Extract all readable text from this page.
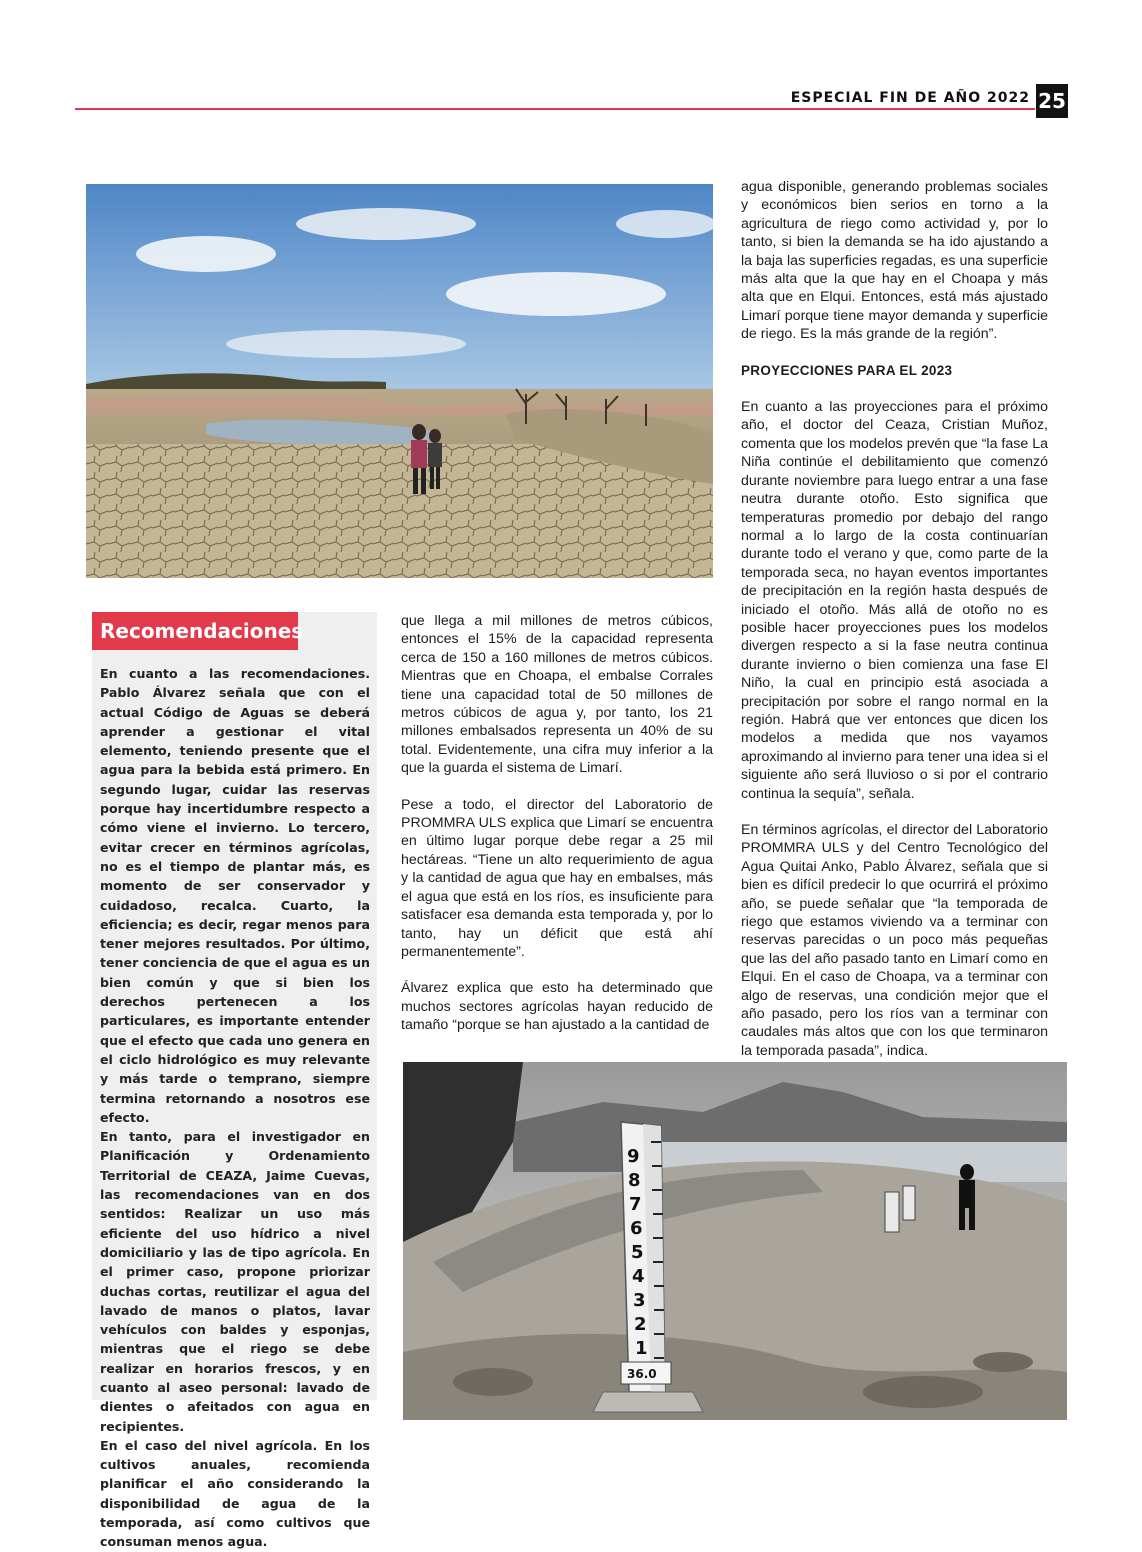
ESPECIAL FIN DE AÑO 2022 25
Recomendaciones

En cuanto a las recomendaciones. Pablo Álvarez señala que con el actual Código de Aguas se deberá aprender a gestionar el vital elemento, teniendo presente que el agua para la bebida está primero. En segundo lugar, cuidar las reservas porque hay incertidumbre respecto a cómo viene el invierno. Lo tercero, evitar crecer en términos agrícolas, no es el tiempo de plantar más, es momento de ser conservador y cuidadoso, recalca. Cuarto, la eficiencia; es decir, regar menos para tener mejores resultados. Por último, tener conciencia de que el agua es un bien común y que si bien los derechos pertenecen a los particulares, es importante entender que el efecto que cada uno genera en el ciclo hidrológico es muy relevante y más tarde o temprano, siempre termina retornando a nosotros ese efecto.

En tanto, para el investigador en Planificación y Ordenamiento Territorial de CEAZA, Jaime Cuevas, las recomendaciones van en dos sentidos: Realizar un uso más eficiente del uso hídrico a nivel domiciliario y las de tipo agrícola. En el primer caso, propone priorizar duchas cortas, reutilizar el agua del lavado de manos o platos, lavar vehículos con baldes y esponjas, mientras que el riego se debe realizar en horarios frescos, y en cuanto al aseo personal: lavado de dientes o afeitados con agua en recipientes.

En el caso del nivel agrícola. En los cultivos anuales, recomienda planificar el año considerando la disponibilidad de agua de la temporada, así como cultivos que consuman menos agua.

que llega a mil millones de metros cúbicos, entonces el 15% de la capacidad representa cerca de 150 a 160 millones de metros cúbicos. Mientras que en Choapa, el embalse Corrales tiene una capacidad total de 50 millones de metros cúbicos de agua y, por tanto, los 21 millones embalsados representa un 40% de su total. Evidentemente, una cifra muy inferior a la que la guarda el sistema de Limarí.

Pese a todo, el director del Laboratorio de PROMMRA ULS explica que Limarí se encuentra en último lugar porque debe regar a 25 mil hectáreas. “Tiene un alto requerimiento de agua y la cantidad de agua que hay en embalses, más el agua que está en los ríos, es insuficiente para satisfacer esa demanda esta temporada y, por lo tanto, hay un déficit que está ahí permanentemente”.

Álvarez explica que esto ha determinado que muchos sectores agrícolas hayan reducido de tamaño “porque se han ajustado a la cantidad de

agua disponible, generando problemas sociales y económicos bien serios en torno a la agricultura de riego como actividad y, por lo tanto, si bien la demanda se ha ido ajustando a la baja las superficies regadas, es una superficie más alta que la que hay en el Choapa y más alta que en Elqui. Entonces, está más ajustado Limarí porque tiene mayor demanda y superficie de riego. Es la más grande de la región”.

PROYECCIONES PARA EL 2023

En cuanto a las proyecciones para el próximo año, el doctor del Ceaza, Cristian Muñoz, comenta que los modelos prevén que “la fase La Niña continúe el debilitamiento que comenzó durante noviembre para luego entrar a una fase neutra durante otoño. Esto significa que temperaturas promedio por debajo del rango normal a lo largo de la costa continuarían durante todo el verano y que, como parte de la temporada seca, no hayan eventos importantes de precipitación en la región hasta después de iniciado el otoño. Más allá de otoño no es posible hacer proyecciones pues los modelos divergen respecto a si la fase neutra continua durante invierno o bien comienza una fase El Niño, la cual en principio está asociada a precipitación por sobre el rango normal en la región. Habrá que ver entonces que dicen los modelos a medida que nos vayamos aproximando al invierno para tener una idea si el siguiente año será lluvioso o si por el contrario continua la sequía”, señala.

En términos agrícolas, el director del Laboratorio PROMMRA ULS y del Centro Tecnológico del Agua Quitai Anko, Pablo Álvarez, señala que si bien es difícil predecir lo que ocurrirá el próximo año, se puede señalar que “la temporada de riego que estamos viviendo va a terminar con reservas parecidas o un poco más pequeñas que las del año pasado tanto en Limarí como en Elqui. En el caso de Choapa, va a terminar con algo de reservas, una condición mejor que el año pasado, pero los ríos van a terminar con caudales más altos que con los que terminaron la temporada pasada”, indica.

9
8
7
6
5
4
3
2
1
36.0
